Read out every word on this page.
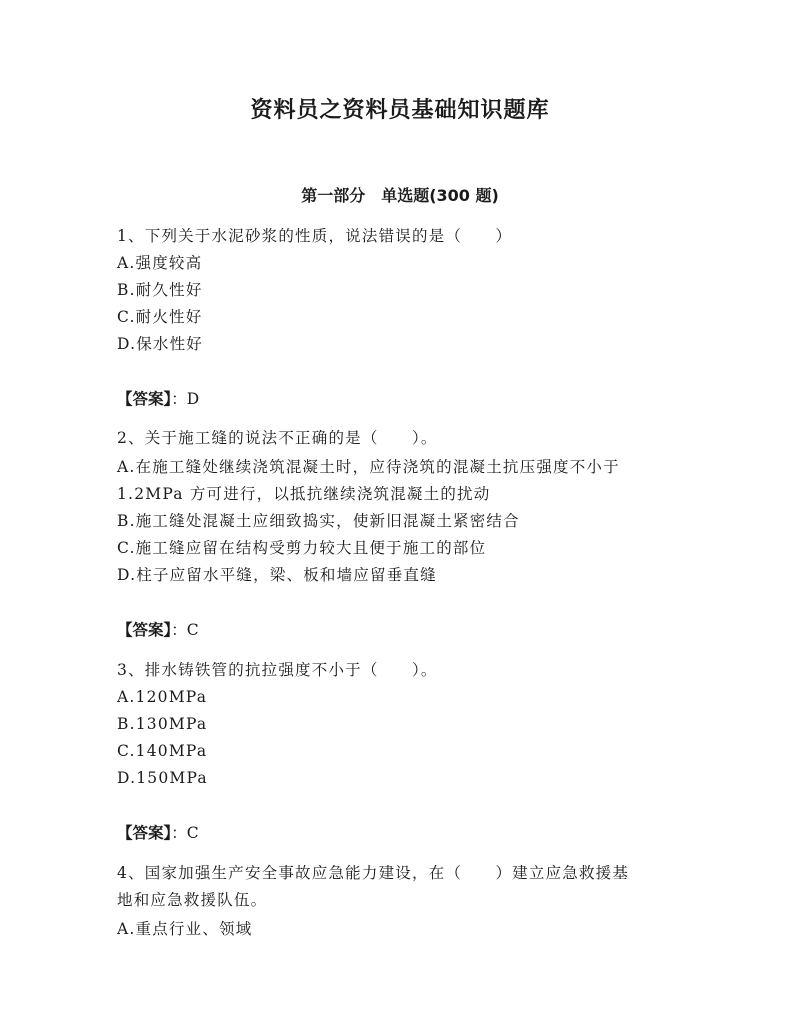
资料员之资料员基础知识题库
第一部分　单选题(300 题)
1、下列关于水泥砂浆的性质，说法错误的是（　　）
A.强度较高
B.耐久性好
C.耐火性好
D.保水性好
【答案】：D
2、关于施工缝的说法不正确的是（　　）。
A.在施工缝处继续浇筑混凝土时，应待浇筑的混凝土抗压强度不小于
1.2MPa 方可进行，以抵抗继续浇筑混凝土的扰动
B.施工缝处混凝土应细致捣实，使新旧混凝土紧密结合
C.施工缝应留在结构受剪力较大且便于施工的部位
D.柱子应留水平缝，梁、板和墙应留垂直缝
【答案】：C
3、排水铸铁管的抗拉强度不小于（　　）。
A.120MPa
B.130MPa
C.140MPa
D.150MPa
【答案】：C
4、国家加强生产安全事故应急能力建设，在（　　）建立应急救援基
地和应急救援队伍。
A.重点行业、领域
